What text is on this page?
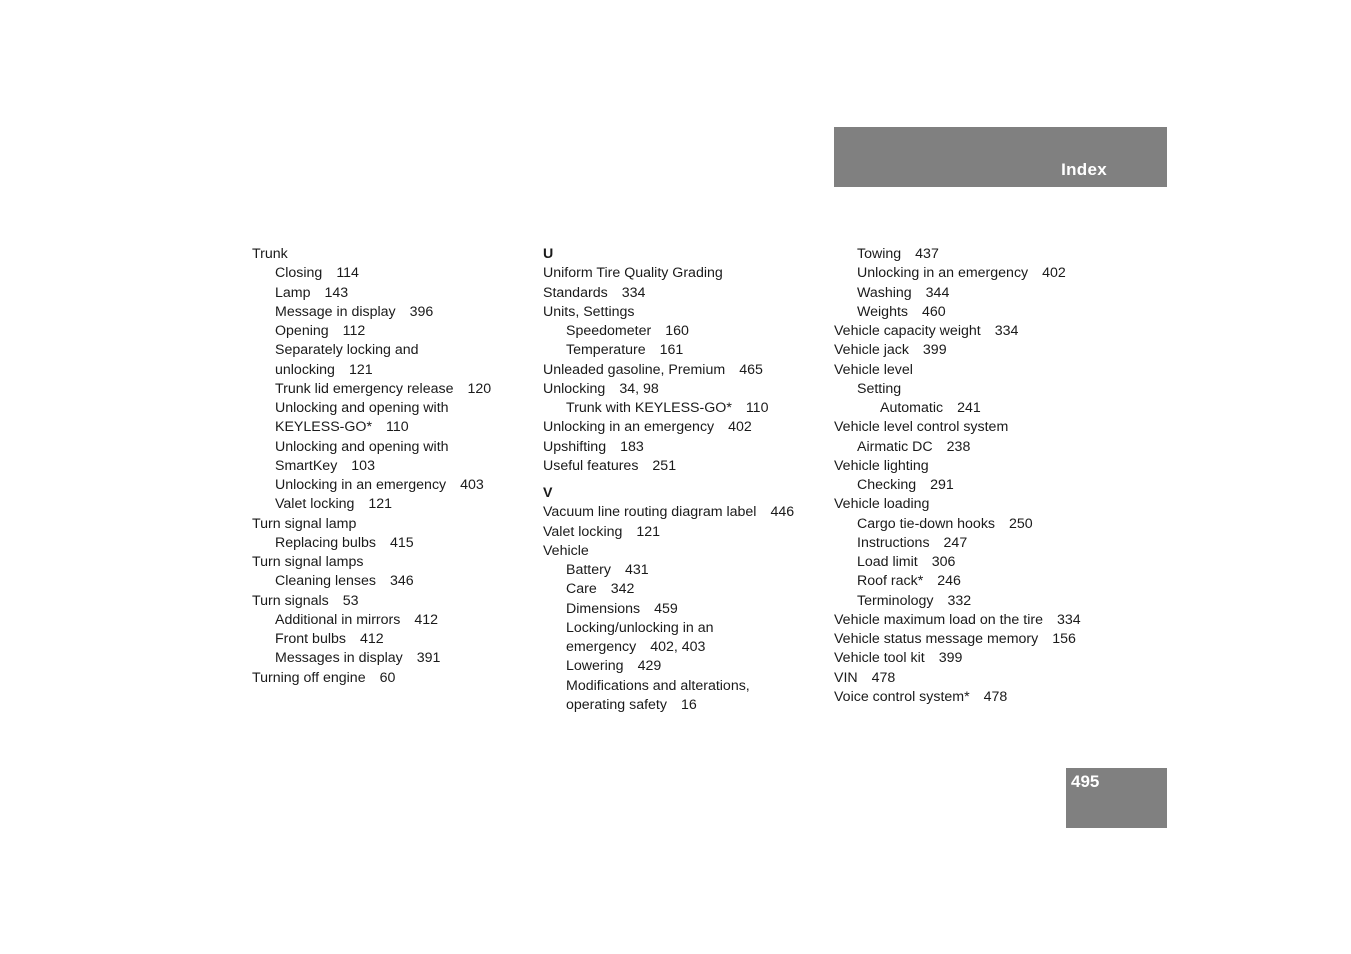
Index
Trunk
Closing 114
Lamp 143
Message in display 396
Opening 112
Separately locking and
unlocking 121
Trunk lid emergency release 120
Unlocking and opening with
KEYLESS-GO* 110
Unlocking and opening with
SmartKey 103
Unlocking in an emergency 403
Valet locking 121
Turn signal lamp
Replacing bulbs 415
Turn signal lamps
Cleaning lenses 346
Turn signals 53
Additional in mirrors 412
Front bulbs 412
Messages in display 391
Turning off engine 60
U
Uniform Tire Quality Grading
Standards 334
Units, Settings
Speedometer 160
Temperature 161
Unleaded gasoline, Premium 465
Unlocking 34, 98
Trunk with KEYLESS-GO* 110
Unlocking in an emergency 402
Upshifting 183
Useful features 251
V
Vacuum line routing diagram label 446
Valet locking 121
Vehicle
Battery 431
Care 342
Dimensions 459
Locking/unlocking in an
emergency 402, 403
Lowering 429
Modifications and alterations,
operating safety 16
Towing 437
Unlocking in an emergency 402
Washing 344
Weights 460
Vehicle capacity weight 334
Vehicle jack 399
Vehicle level
Setting
Automatic 241
Vehicle level control system
Airmatic DC 238
Vehicle lighting
Checking 291
Vehicle loading
Cargo tie-down hooks 250
Instructions 247
Load limit 306
Roof rack* 246
Terminology 332
Vehicle maximum load on the tire 334
Vehicle status message memory 156
Vehicle tool kit 399
VIN 478
Voice control system* 478
495
